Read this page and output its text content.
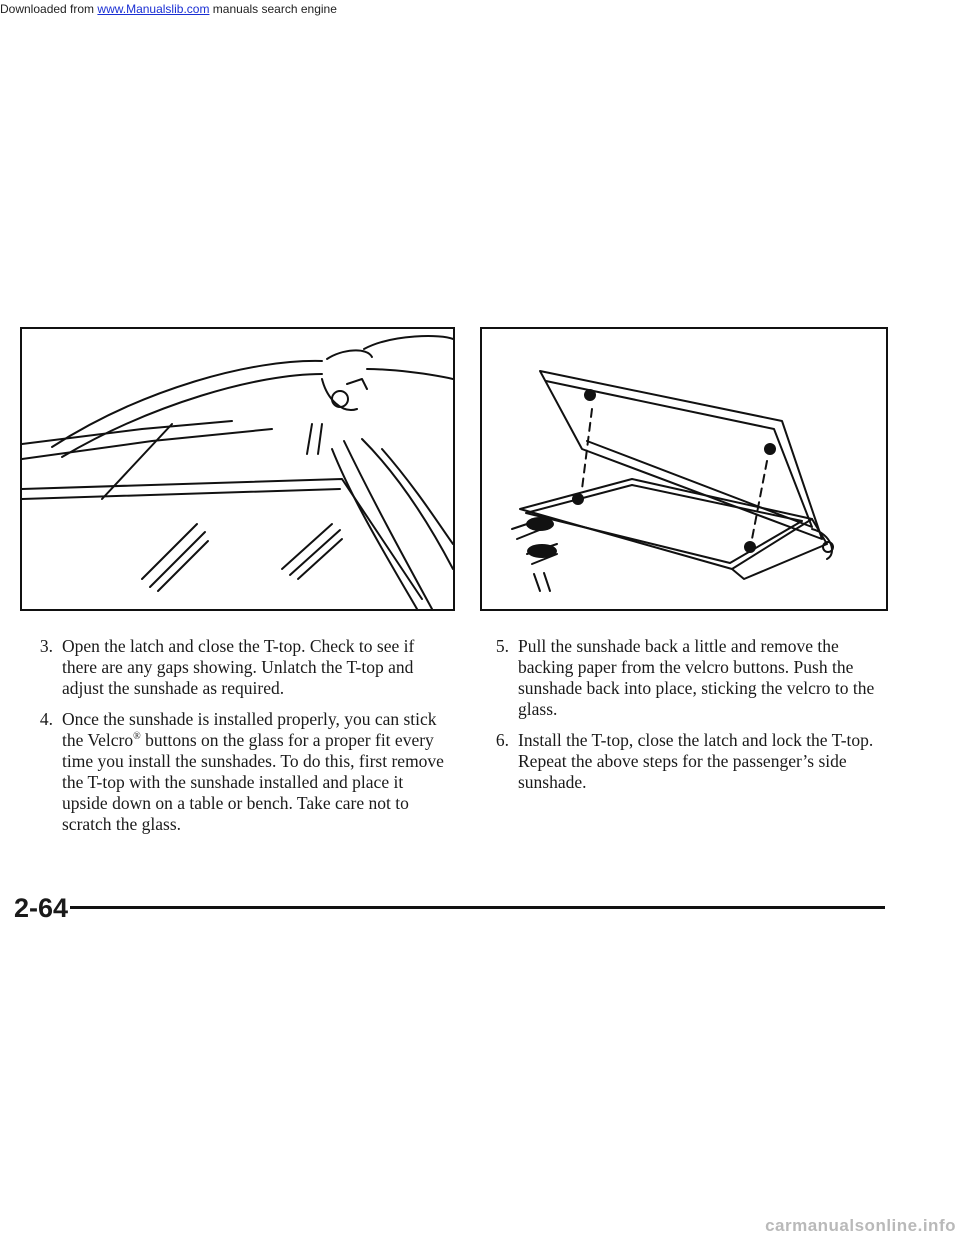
Downloaded from www.Manualslib.com manuals search engine
3. Open the latch and close the T-top. Check to see if there are any gaps showing. Unlatch the T-top and adjust the sunshade as required.
4. Once the sunshade is installed properly, you can stick the Velcro® buttons on the glass for a proper fit every time you install the sunshades. To do this, first remove the T-top with the sunshade installed and place it upside down on a table or bench. Take care not to scratch the glass.
5. Pull the sunshade back a little and remove the backing paper from the velcro buttons. Push the sunshade back into place, sticking the velcro to the glass.
6. Install the T-top, close the latch and lock the T-top. Repeat the above steps for the passenger’s side sunshade.
2-64
carmanualsonline.info
